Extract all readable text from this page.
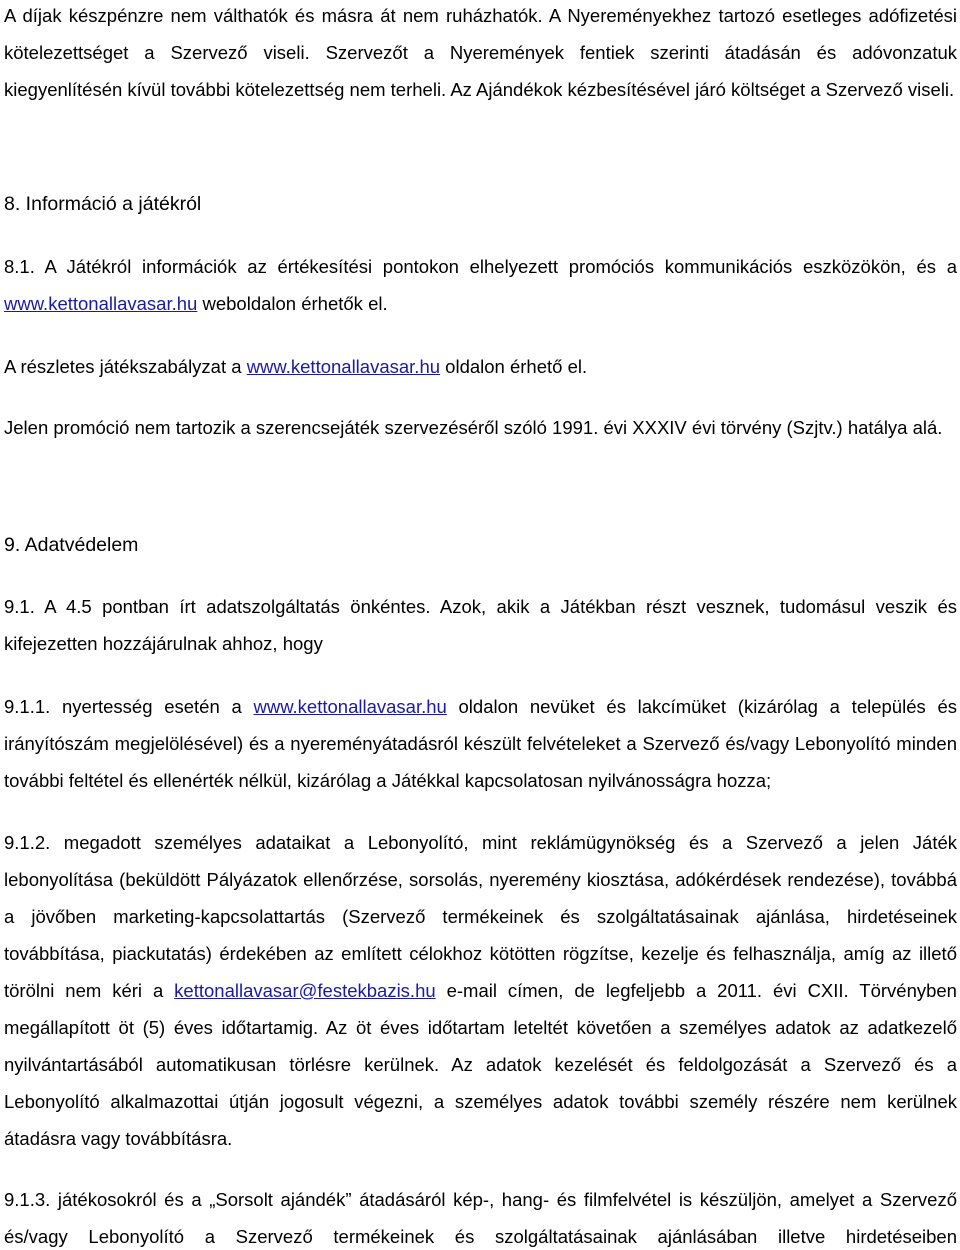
A díjak készpénzre nem válthatók és másra át nem ruházhatók. A Nyereményekhez tartozó esetleges adófizetési kötelezettséget a Szervező viseli. Szervezőt a Nyeremények fentiek szerinti átadásán és adóvonzatuk kiegyenlítésén kívül további kötelezettség nem terheli. Az Ajándékok kézbesítésével járó költséget a Szervező viseli.

8. Információ a játékról

8.1. A Játékról információk az értékesítési pontokon elhelyezett promóciós kommunikációs eszközökön, és a www.kettonallavasar.hu weboldalon érhetők el.

A részletes játékszabályzat a www.kettonallavasar.hu oldalon érhető el.

Jelen promóció nem tartozik a szerencsejáték szervezéséről szóló 1991. évi XXXIV évi törvény (Szjtv.) hatálya alá.

9. Adatvédelem

9.1. A 4.5 pontban írt adatszolgáltatás önkéntes. Azok, akik a Játékban részt vesznek, tudomásul veszik és kifejezetten hozzájárulnak ahhoz, hogy

9.1.1. nyertesség esetén a www.kettonallavasar.hu oldalon nevüket és lakcímüket (kizárólag a település és irányítószám megjelölésével) és a nyereményátadásról készült felvételeket a Szervező és/vagy Lebonyolító minden további feltétel és ellenérték nélkül, kizárólag a Játékkal kapcsolatosan nyilvánosságra hozza;

9.1.2. megadott személyes adataikat a Lebonyolító, mint reklámügynökség és a Szervező a jelen Játék lebonyolítása (beküldött Pályázatok ellenőrzése, sorsolás, nyeremény kiosztása, adókérdések rendezése), továbbá a jövőben marketing-kapcsolattartás (Szervező termékeinek és szolgáltatásainak ajánlása, hirdetéseinek továbbítása, piackutatás) érdekében az említett célokhoz kötötten rögzítse, kezelje és felhasználja, amíg az illető törölni nem kéri a kettonallavasar@festekbazis.hu e-mail címen, de legfeljebb a 2011. évi CXII. Törvényben megállapított öt (5) éves időtartamig. Az öt éves időtartam leteltét követően a személyes adatok az adatkezelő nyilvántartásából automatikusan törlésre kerülnek. Az adatok kezelését és feldolgozását a Szervező és a Lebonyolító alkalmazottai útján jogosult végezni, a személyes adatok további személy részére nem kerülnek átadásra vagy továbbításra.

9.1.3. játékosokról és a „Sorsolt ajándék” átadásáról kép-, hang- és filmfelvétel is készüljön, amelyet a Szervező és/vagy Lebonyolító a Szervező termékeinek és szolgáltatásainak ajánlásában illetve hirdetéseiben
